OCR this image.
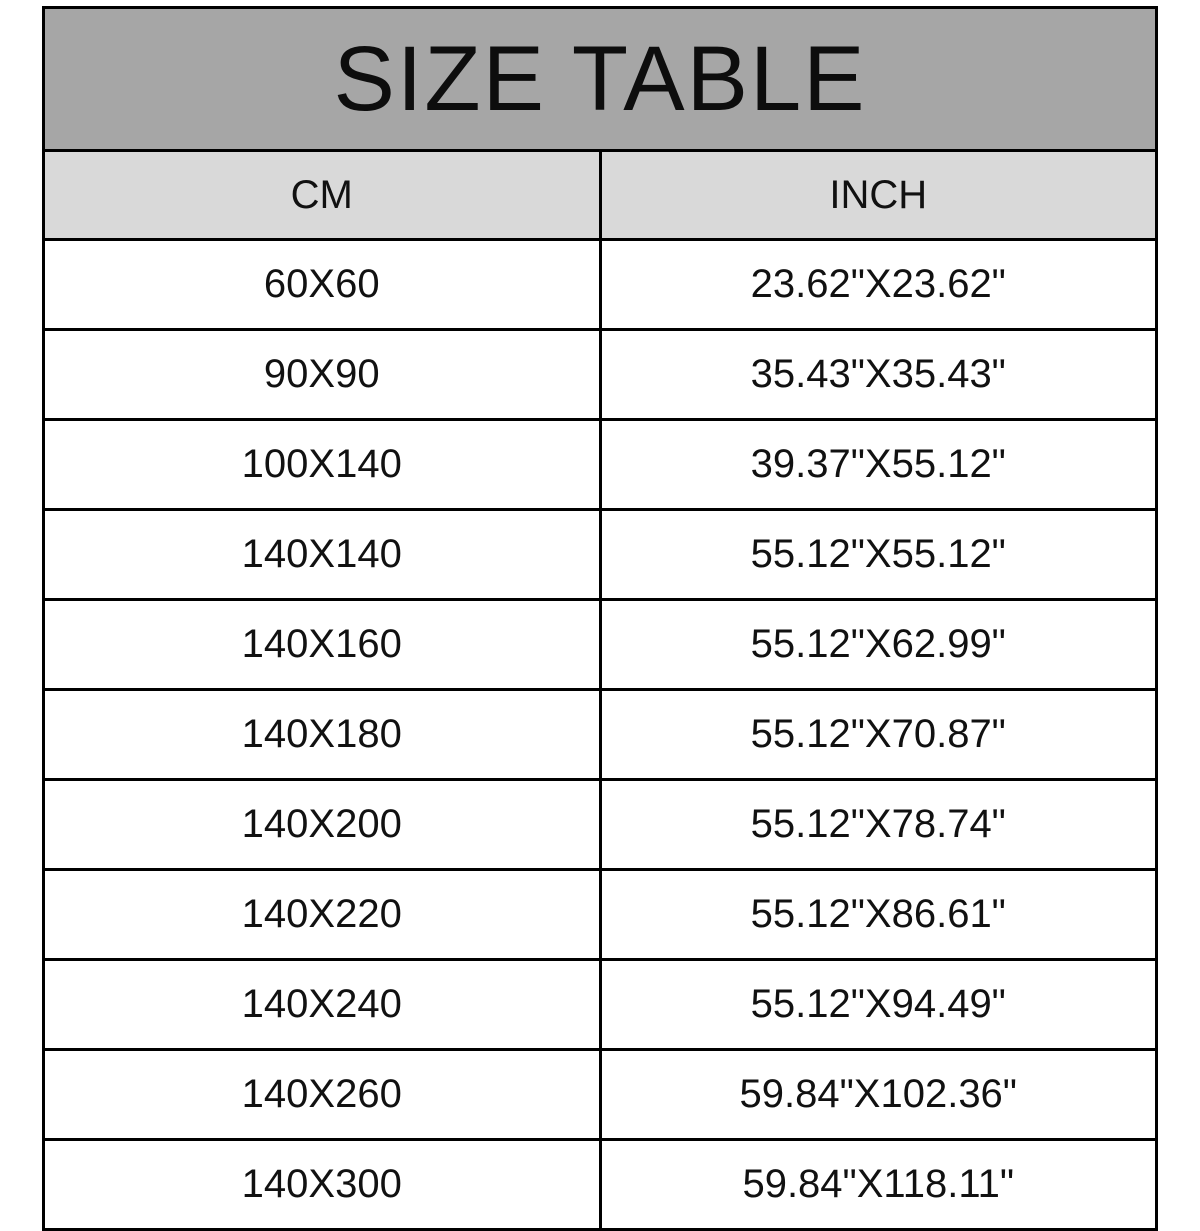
SIZE TABLE	
CM	INCH
60X60	23.62"X23.62"
90X90	35.43"X35.43"
100X140	39.37"X55.12"
140X140	55.12"X55.12"
140X160	55.12"X62.99"
140X180	55.12"X70.87"
140X200	55.12"X78.74"
140X220	55.12"X86.61"
140X240	55.12"X94.49"
140X260	59.84"X102.36"
140X300	59.84"X118.11"
